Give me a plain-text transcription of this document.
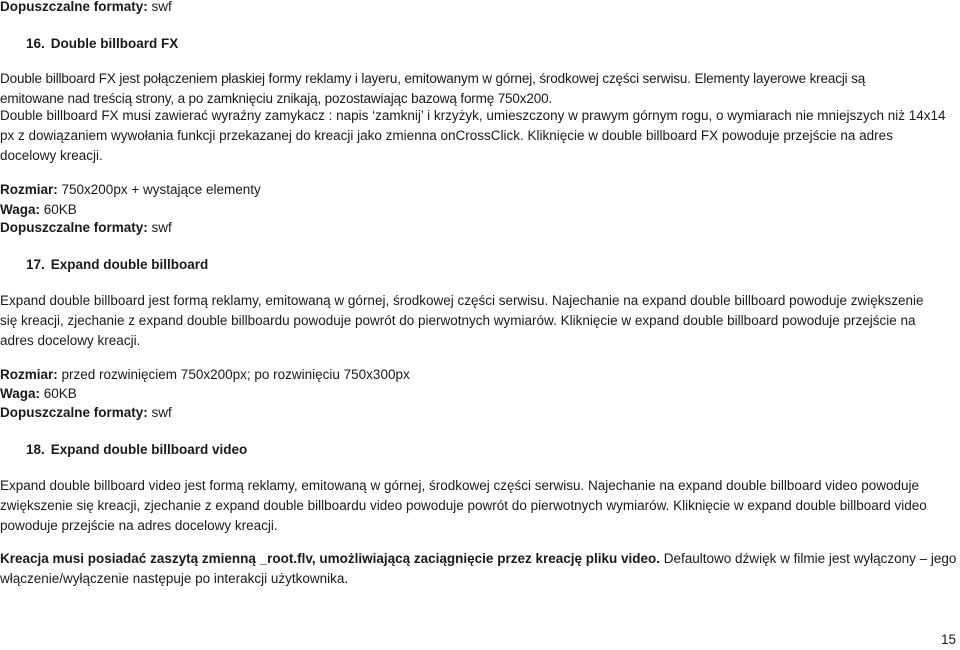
Dopuszczalne formaty: swf
16. Double billboard FX
Double billboard FX jest połączeniem płaskiej formy reklamy i layeru, emitowanym w górnej, środkowej części serwisu. Elementy layerowe kreacji są
emitowane nad treścią strony, a po zamknięciu znikają, pozostawiając bazową formę 750x200.
Double billboard FX musi zawierać wyraźny zamykacz : napis ‘zamknij’ i krzyżyk, umieszczony w prawym górnym rogu, o wymiarach nie mniejszych niż 14x14
px z dowiązaniem wywołania funkcji przekazanej do kreacji jako zmienna onCrossClick. Kliknięcie w double billboard FX powoduje przejście na adres
docelowy kreacji.
Rozmiar: 750x200px + wystające elementy
Waga: 60KB
Dopuszczalne formaty: swf
17. Expand double billboard
Expand double billboard jest formą reklamy, emitowaną w górnej, środkowej części serwisu. Najechanie na expand double billboard powoduje zwiększenie
się kreacji, zjechanie z expand double billboardu powoduje powrót do pierwotnych wymiarów. Kliknięcie w expand double billboard powoduje przejście na
adres docelowy kreacji.
Rozmiar: przed rozwinięciem 750x200px; po rozwinięciu 750x300px
Waga: 60KB
Dopuszczalne formaty: swf
18. Expand double billboard video
Expand double billboard video jest formą reklamy, emitowaną w górnej, środkowej części serwisu. Najechanie na expand double billboard video powoduje
zwiększenie się kreacji, zjechanie z expand double billboardu video powoduje powrót do pierwotnych wymiarów. Kliknięcie w expand double billboard video
powoduje przejście na adres docelowy kreacji.
Kreacja musi posiadać zaszytą zmienną _root.flv, umożliwiającą zaciągnięcie przez kreację pliku video. Defaultowo dźwięk w filmie jest wyłączony – jego
włączenie/wyłączenie następuje po interakcji użytkownika.
15
